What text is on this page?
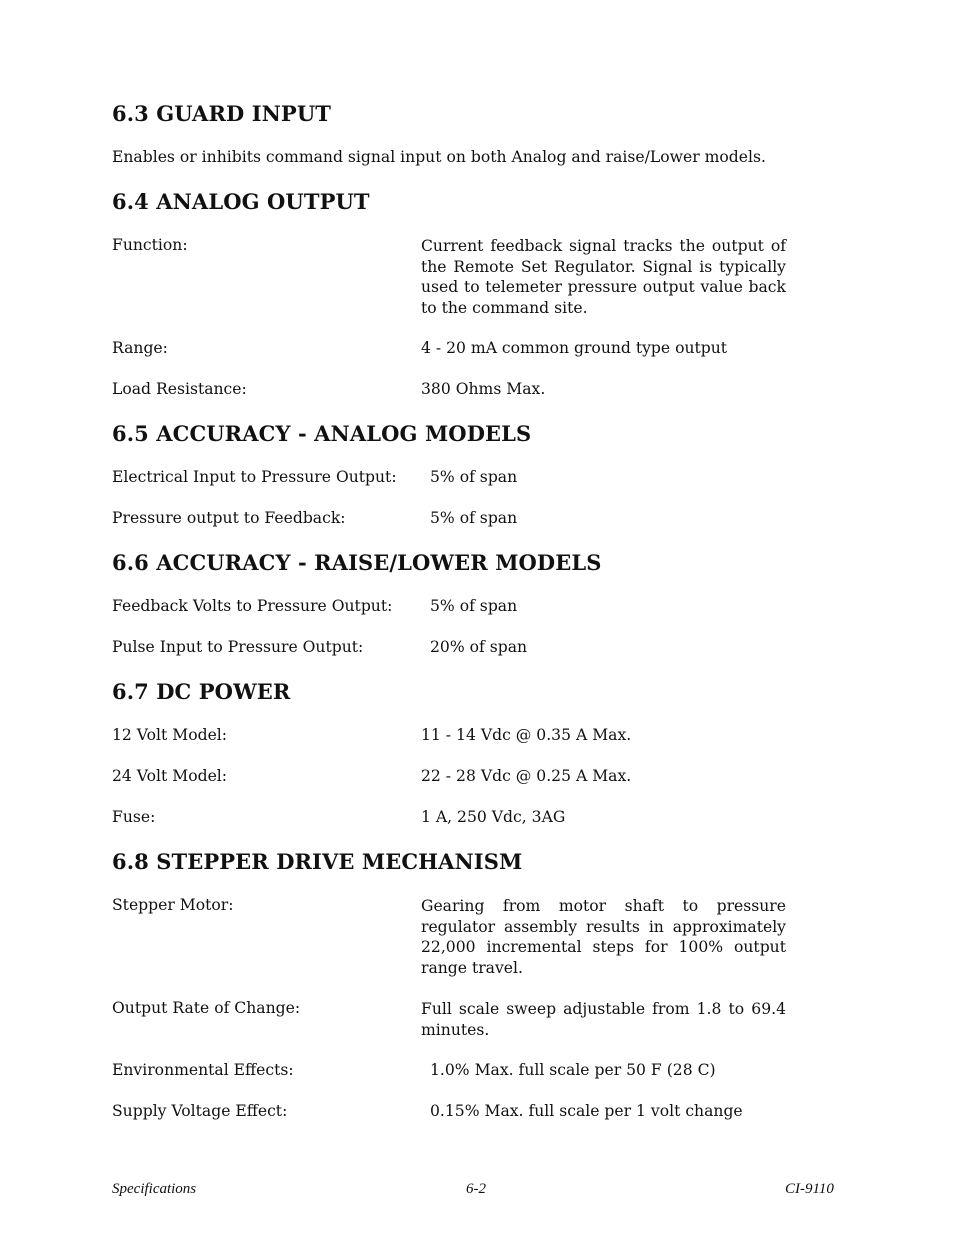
6.3 GUARD INPUT
Enables or inhibits command signal input on both Analog and raise/Lower models.
6.4 ANALOG OUTPUT
Function:	Current feedback signal tracks the output of the Remote Set Regulator. Signal is typically used to telemeter pressure output value back to the command site.
Range:	4 - 20 mA common ground type output
Load Resistance:	380 Ohms Max.
6.5 ACCURACY - ANALOG MODELS
Electrical Input to Pressure Output: 5% of span
Pressure output to Feedback:	5% of span
6.6 ACCURACY - RAISE/LOWER MODELS
Feedback Volts to Pressure Output: 5% of span
Pulse Input to Pressure Output:	20% of span
6.7 DC POWER
12 Volt Model:	11 - 14 Vdc @ 0.35 A Max.
24 Volt Model:	22 - 28 Vdc @ 0.25 A Max.
Fuse:	1 A, 250 Vdc, 3AG
6.8 STEPPER DRIVE MECHANISM
Stepper Motor:	Gearing from motor shaft to pressure regulator assembly results in approximately 22,000 incremental steps for 100% output range travel.
Output Rate of Change:	Full scale sweep adjustable from 1.8 to 69.4 minutes.
Environmental Effects:	1.0% Max. full scale per 50 F (28 C)
Supply Voltage Effect:	0.15% Max. full scale per 1 volt change
Specifications	6-2	CI-9110
